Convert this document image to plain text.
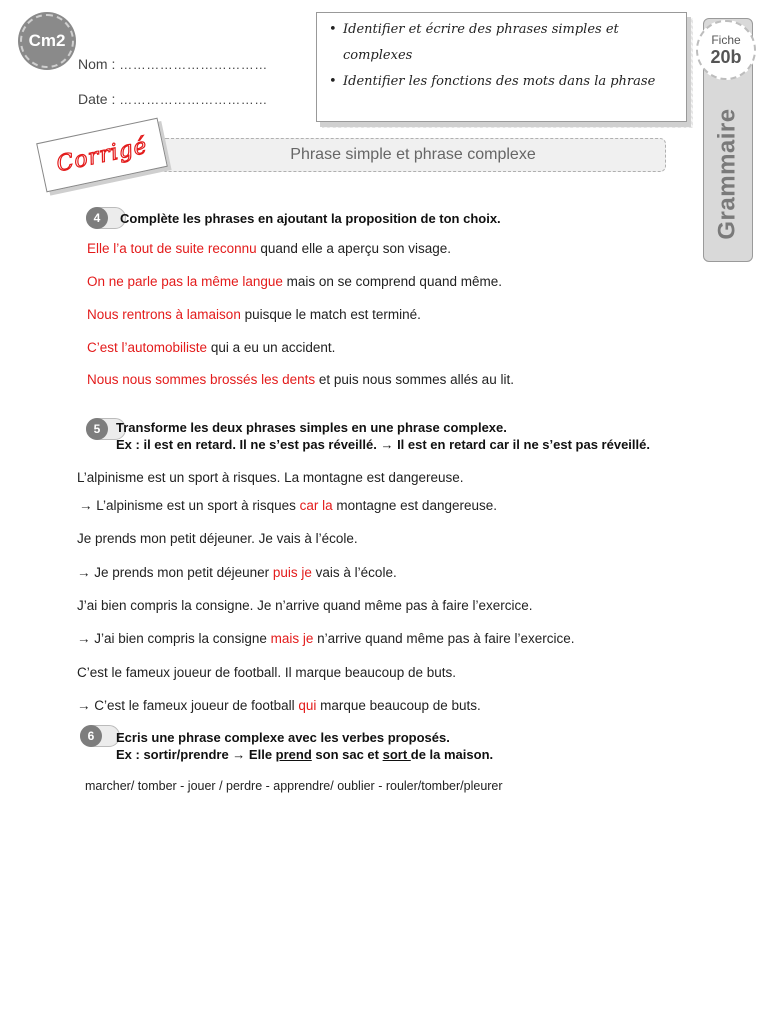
Cm2
Nom : ……………………………
Date : ……………………………
• Identifier et écrire des phrases simples et
complexes
• Identifier les fonctions des mots dans la phrase
Fiche
20b
Grammaire
Phrase simple et phrase complexe
Corrigé
4	Complète les phrases en ajoutant la proposition de ton choix.
Elle l’a tout de suite reconnu quand elle a aperçu son visage.
On ne parle pas la même langue mais on se comprend quand même.
Nous rentrons à lamaison puisque le match est terminé.
C’est l’automobiliste qui a eu un accident.
Nous nous sommes brossés les dents et puis nous sommes allés au lit.
5	Transforme les deux phrases simples en une phrase complexe.
Ex : il est en retard. Il ne s’est pas réveillé. → Il est en retard car il ne s’est pas réveillé.
L’alpinisme est un sport à risques. La montagne est dangereuse.
→ L’alpinisme est un sport à risques car la montagne est dangereuse.
Je prends mon petit déjeuner. Je vais à l’école.
→ Je prends mon petit déjeuner puis je vais à l’école.
J’ai bien compris la consigne. Je n’arrive quand même pas à faire l’exercice.
→ J’ai bien compris la consigne mais je n’arrive quand même pas à faire l’exercice.
C’est le fameux joueur de football. Il marque beaucoup de buts.
→ C’est le fameux joueur de football qui marque beaucoup de buts.
6	Ecris une phrase complexe avec les verbes proposés.
Ex : sortir/prendre → Elle prend son sac et sort de la maison.
marcher/ tomber - jouer / perdre - apprendre/ oublier - rouler/tomber/pleurer
